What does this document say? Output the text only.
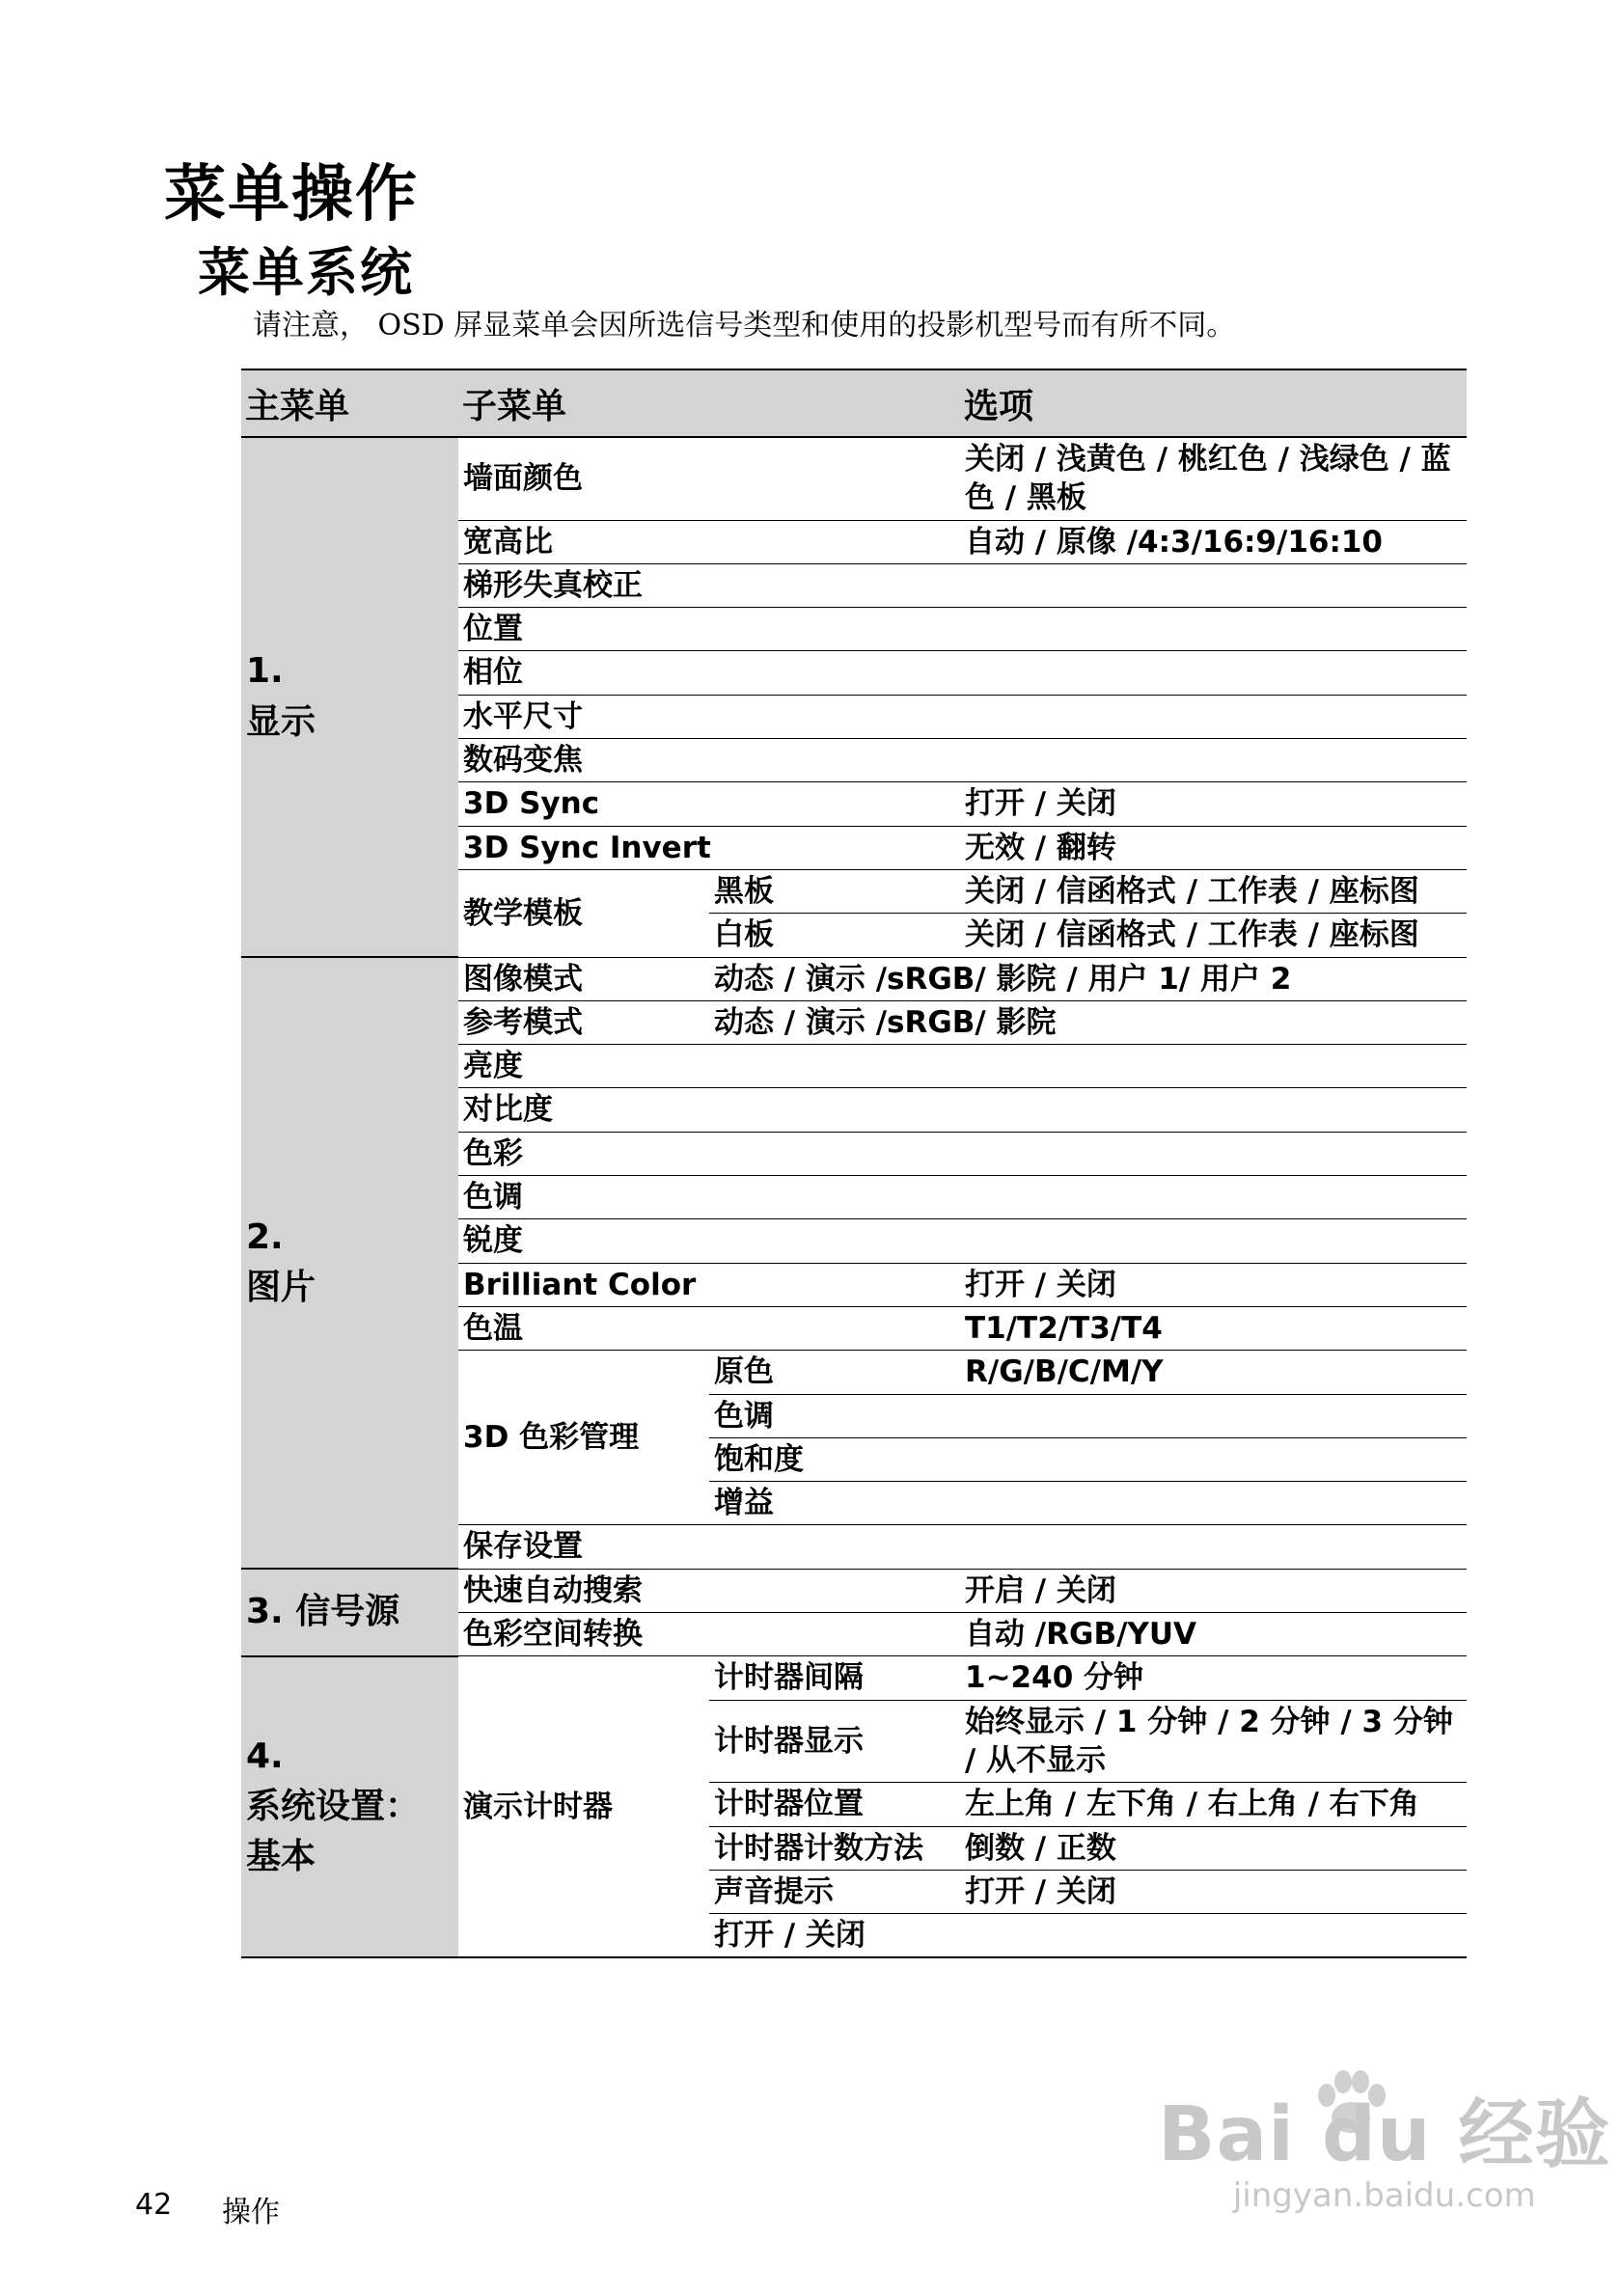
菜单操作
菜单系统
请注意， OSD 屏显菜单会因所选信号类型和使用的投影机型号而有所不同。
主菜单	子菜单		选项

1.
显示	墙面颜色		关闭 / 浅黄色 / 桃红色 / 浅绿色 / 蓝色 / 黑板
	宽高比		自动 / 原像 /4:3/16:9/16:10
	梯形失真校正		
	位置		
	相位		
	水平尺寸		
	数码变焦		
	3D Sync		打开 / 关闭
	3D Sync Invert		无效 / 翻转
	教学模板	黑板	关闭 / 信函格式 / 工作表 / 座标图
		白板	关闭 / 信函格式 / 工作表 / 座标图

2.
图片	图像模式	动态 / 演示 /sRGB/ 影院 / 用户 1/ 用户 2	
	参考模式	动态 / 演示 /sRGB/ 影院	
	亮度		
	对比度		
	色彩		
	色调		
	锐度		
	Brilliant Color		打开 / 关闭
	色温		T1/T2/T3/T4
	3D 色彩管理	原色	R/G/B/C/M/Y
		色调	
		饱和度	
		增益	
	保存设置		

3. 信号源	快速自动搜索		开启 / 关闭
	色彩空间转换		自动 /RGB/YUV

4.
系统设置：
基本	演示计时器	计时器间隔	1~240 分钟
		计时器显示	始终显示 / 1 分钟 / 2 分钟 / 3 分钟 / 从不显示
		计时器位置	左上角 / 左下角 / 右上角 / 右下角
		计时器计数方法	倒数 / 正数
		声音提示	打开 / 关闭
		打开 / 关闭	
42 操作
Bai du 经验
jingyan.baidu.com
